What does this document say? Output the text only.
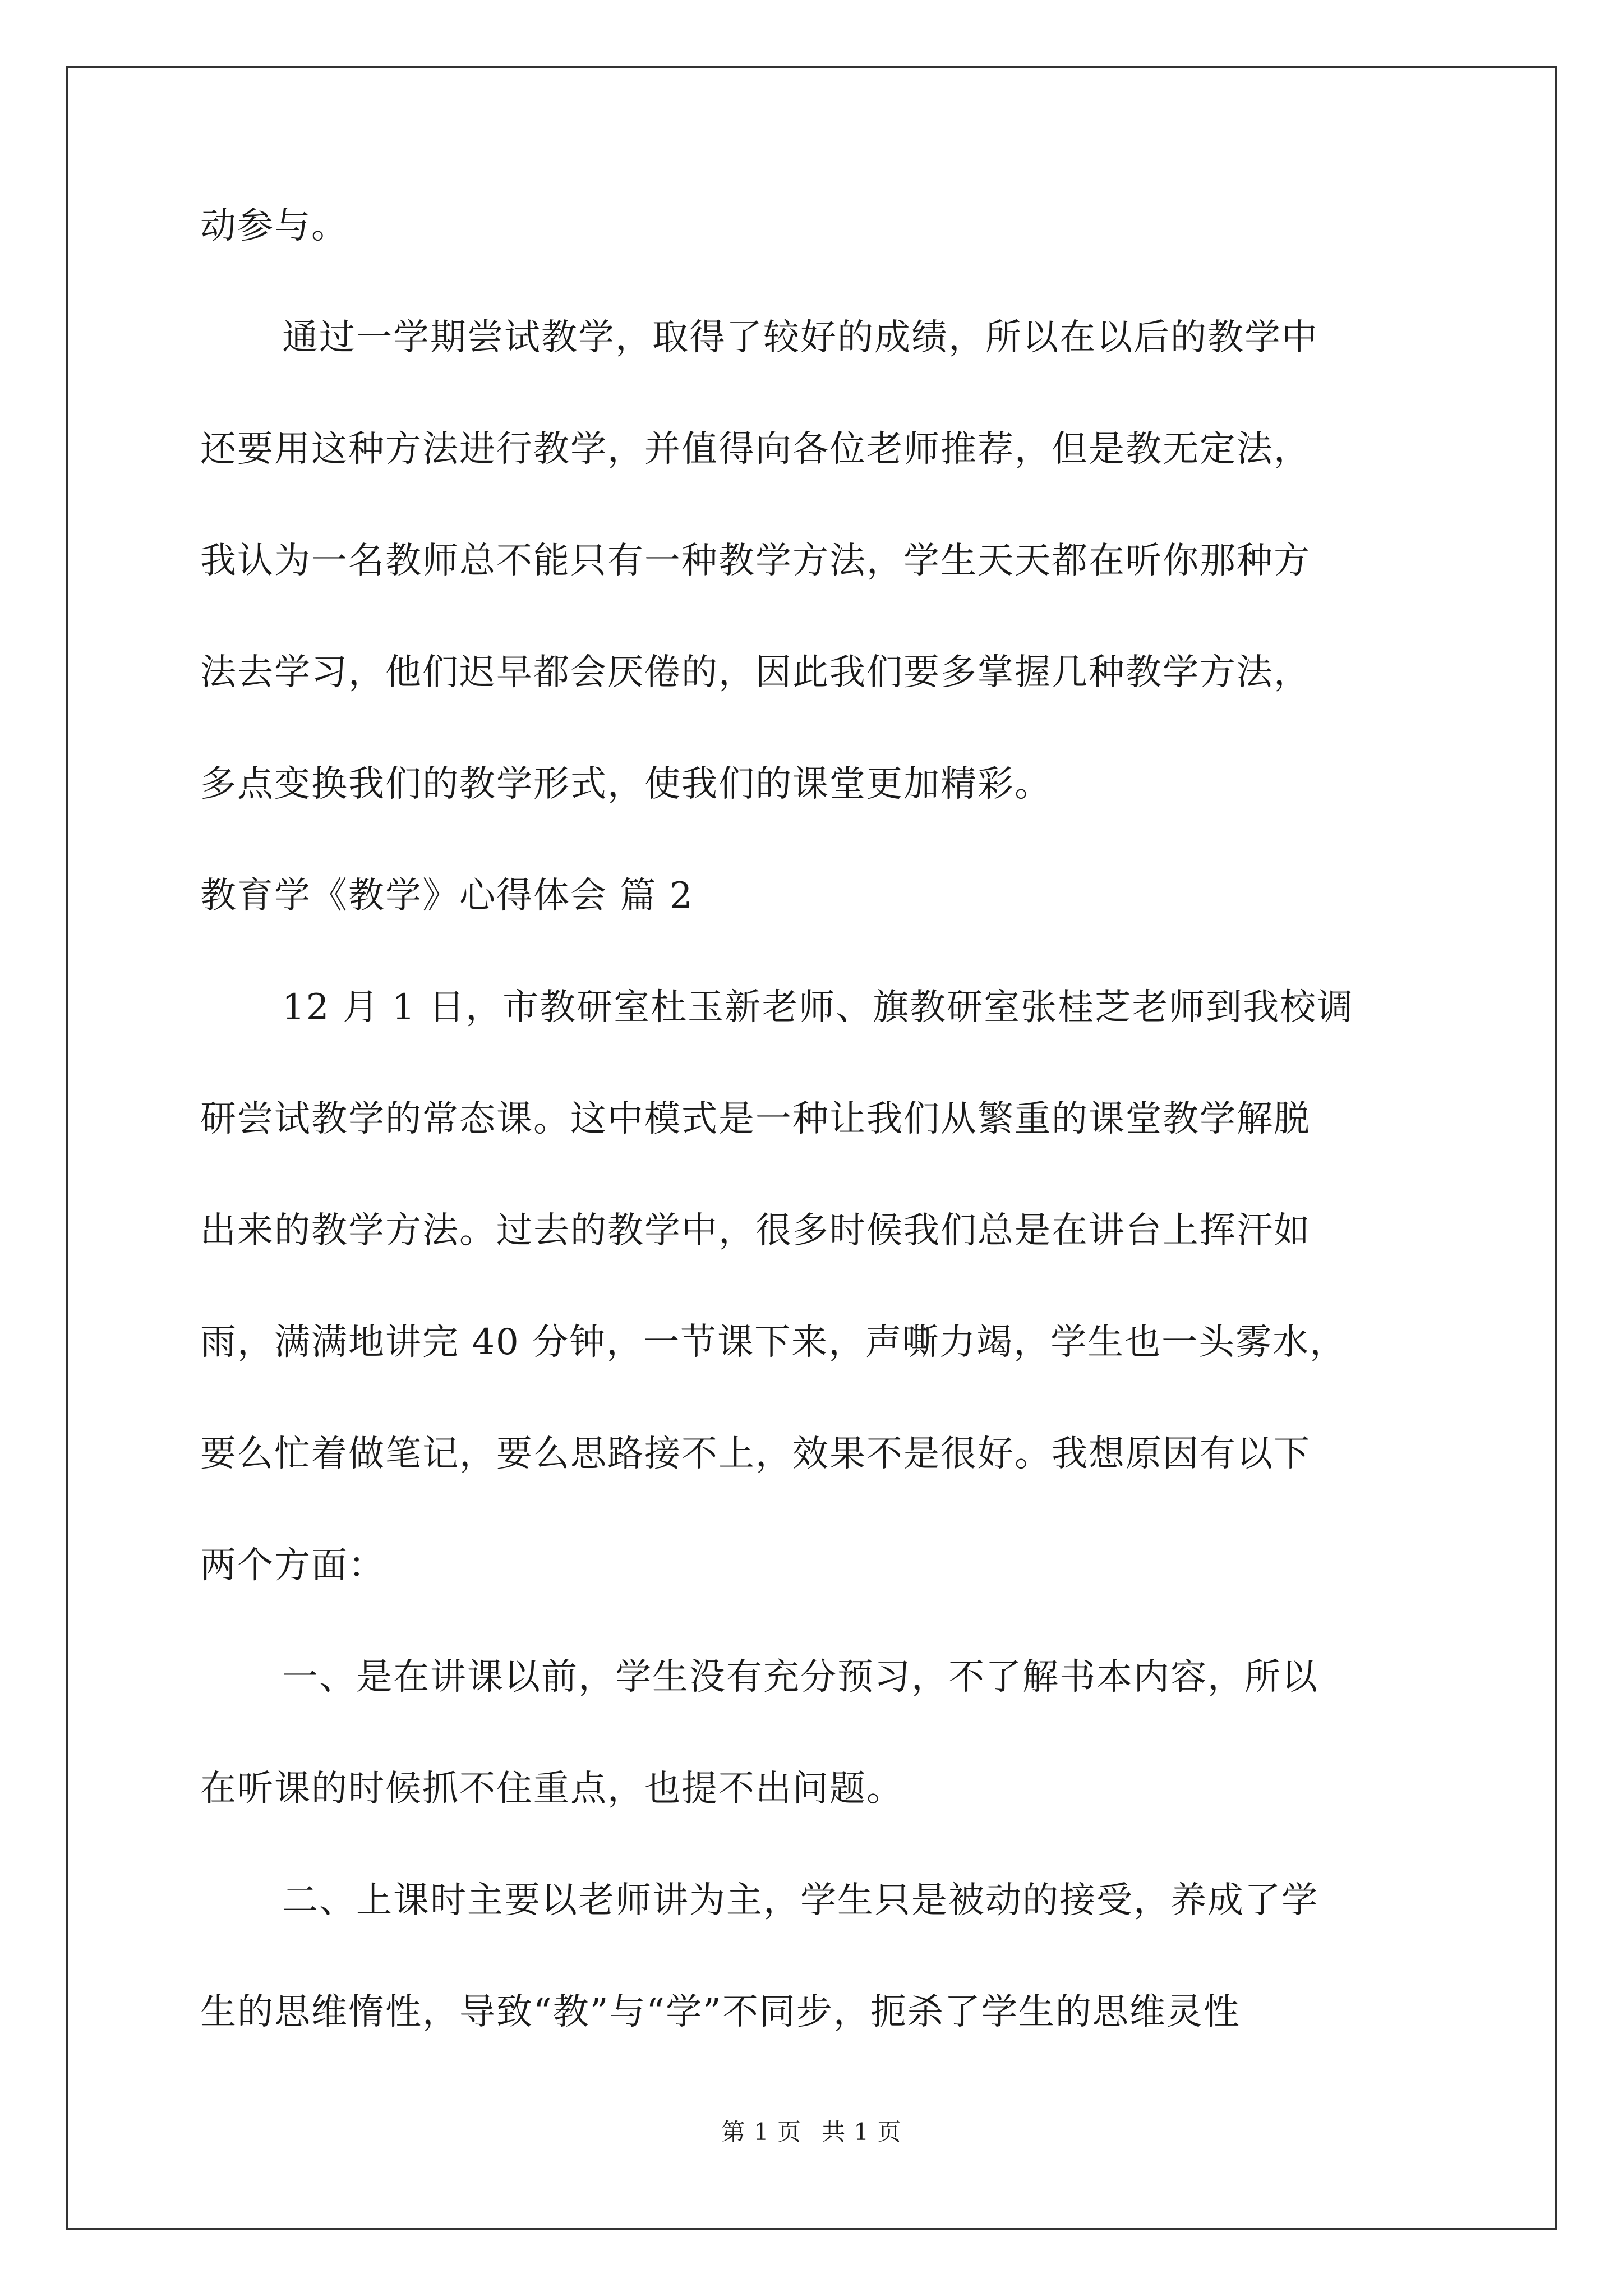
动参与。
通过一学期尝试教学，取得了较好的成绩，所以在以后的教学中
还要用这种方法进行教学，并值得向各位老师推荐，但是教无定法，
我认为一名教师总不能只有一种教学方法，学生天天都在听你那种方
法去学习，他们迟早都会厌倦的，因此我们要多掌握几种教学方法，
多点变换我们的教学形式，使我们的课堂更加精彩。
教育学《教学》心得体会 篇 2
12 月 1 日，市教研室杜玉新老师、旗教研室张桂芝老师到我校调
研尝试教学的常态课。这中模式是一种让我们从繁重的课堂教学解脱
出来的教学方法。过去的教学中，很多时候我们总是在讲台上挥汗如
雨，满满地讲完 40 分钟，一节课下来，声嘶力竭，学生也一头雾水，
要么忙着做笔记，要么思路接不上，效果不是很好。我想原因有以下
两个方面：
一、是在讲课以前，学生没有充分预习，不了解书本内容，所以
在听课的时候抓不住重点，也提不出问题。
二、上课时主要以老师讲为主，学生只是被动的接受，养成了学
生的思维惰性，导致“教”与“学”不同步，扼杀了学生的思维灵性
第 1 页 共 1 页
